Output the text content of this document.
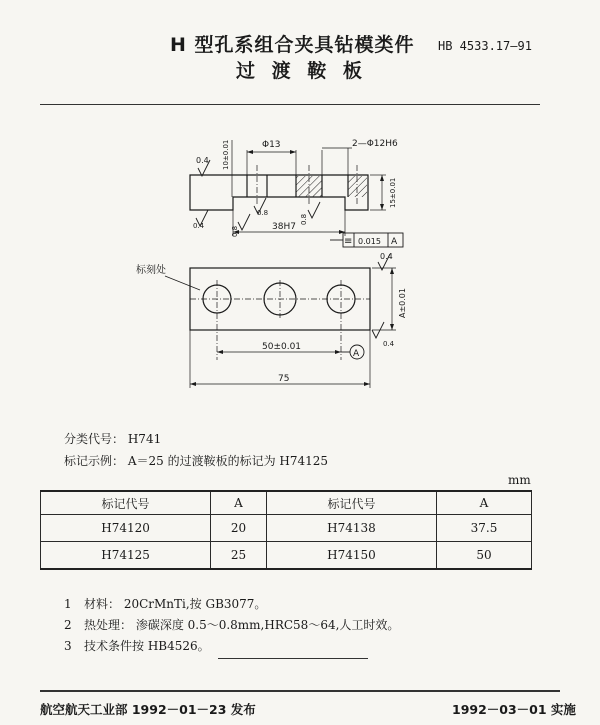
H 型孔系组合夹具钻模类件
过 渡 鞍 板
HB 4533.17—91
Φ13	2—Φ12H6
10±0.01
15±0.01
38H7
50±0.01
75
A±0.01
0.4
0.4	0.8
0.8
0.8
0.4
0.4
≡ 0.015 A
A
标刻处
分类代号： H741
标记示例： A＝25 的过渡鞍板的标记为 H74125
mm
标记代号	A	标记代号	A
H74120	20	H74138	37.5
H74125	25	H74150	50
1 材料： 20CrMnTi,按 GB3077。
2 热处理： 渗碳深度 0.5～0.8mm,HRC58～64,人工时效。
3 技术条件按 HB4526。
航空航天工业部 1992－01－23 发布	1992－03－01 实施
